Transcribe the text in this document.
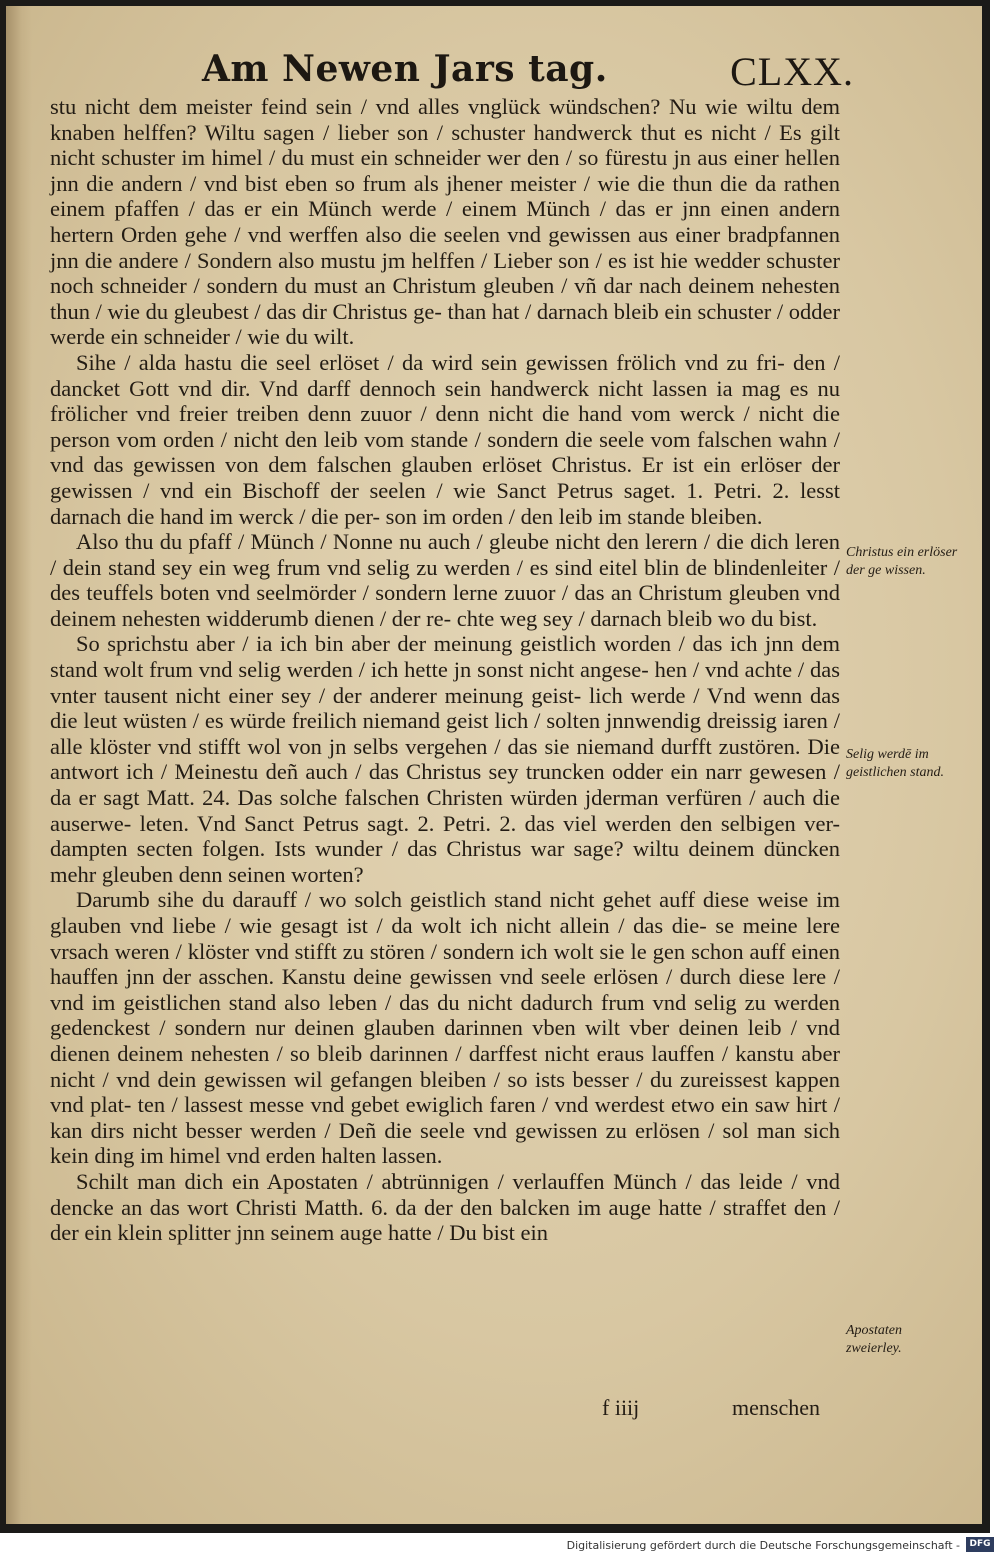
Am Newen Jars tag.	CLXX.

stu nicht dem meister feind sein / vnd alles vnglück wündschen? Nu wie wiltu dem knaben helffen? Wiltu sagen / lieber son / schuster handwerck thut es nicht / Es gilt nicht schuster im himel / du must ein schneider wer den / so fürestu jn aus einer hellen jnn die andern / vnd bist eben so frum als jhener meister / wie die thun die da rathen einem pfaffen / das er ein Münch werde / einem Münch / das er jnn einen andern hertern Orden gehe / vnd werffen also die seelen vnd gewissen aus einer bradpfannen jnn die andere / Sondern also mustu jm helffen / Lieber son / es ist hie wedder schuster noch schneider / sondern du must an Christum gleuben / vñ dar nach deinem nehesten thun / wie du gleubest / das dir Christus ge- than hat / darnach bleib ein schuster / odder werde ein schneider / wie du wilt.

Sihe / alda hastu die seel erlöset / da wird sein gewissen frölich vnd zu fri- den / dancket Gott vnd dir. Vnd darff dennoch sein handwerck nicht lassen ia mag es nu frölicher vnd freier treiben denn zuuor / denn nicht die hand vom werck / nicht die person vom orden / nicht den leib vom stande / sondern die seele vom falschen wahn / vnd das gewissen von dem falschen glauben erlöset Christus. Er ist ein erlöser der gewissen / vnd ein Bischoff der seelen / wie Sanct Petrus saget. 1. Petri. 2. lesst darnach die hand im werck / die per- son im orden / den leib im stande bleiben.

Also thu du pfaff / Münch / Nonne nu auch / gleube nicht den lerern / die dich leren / dein stand sey ein weg frum vnd selig zu werden / es sind eitel blin de blindenleiter / des teuffels boten vnd seelmörder / sondern lerne zuuor / das an Christum gleuben vnd deinem nehesten widderumb dienen / der re- chte weg sey / darnach bleib wo du bist.

So sprichstu aber / ia ich bin aber der meinung geistlich worden / das ich jnn dem stand wolt frum vnd selig werden / ich hette jn sonst nicht angese- hen / vnd achte / das vnter tausent nicht einer sey / der anderer meinung geist- lich werde / Vnd wenn das die leut wüsten / es würde freilich niemand geist lich / solten jnnwendig dreissig iaren / alle klöster vnd stifft wol von jn selbs vergehen / das sie niemand durfft zustören. Die antwort ich / Meinestu deñ auch / das Christus sey truncken odder ein narr gewesen / da er sagt Matt. 24. Das solche falschen Christen würden jderman verfüren / auch die auserwe- leten. Vnd Sanct Petrus sagt. 2. Petri. 2. das viel werden den selbigen ver- dampten secten folgen. Ists wunder / das Christus war sage? wiltu deinem düncken mehr gleuben denn seinen worten?

Darumb sihe du darauff / wo solch geistlich stand nicht gehet auff diese weise im glauben vnd liebe / wie gesagt ist / da wolt ich nicht allein / das die- se meine lere vrsach weren / klöster vnd stifft zu stören / sondern ich wolt sie le gen schon auff einen hauffen jnn der asschen. Kanstu deine gewissen vnd seele erlösen / durch diese lere / vnd im geistlichen stand also leben / das du nicht dadurch frum vnd selig zu werden gedenckest / sondern nur deinen glauben darinnen vben wilt vber deinen leib / vnd dienen deinem nehesten / so bleib darinnen / darffest nicht eraus lauffen / kanstu aber nicht / vnd dein gewissen wil gefangen bleiben / so ists besser / du zureissest kappen vnd plat- ten / lassest messe vnd gebet ewiglich faren / vnd werdest etwo ein saw hirt / kan dirs nicht besser werden / Deñ die seele vnd gewissen zu erlösen / sol man sich kein ding im himel vnd erden halten lassen.

Schilt man dich ein Apostaten / abtrünnigen / verlauffen Münch / das leide / vnd dencke an das wort Christi Matth. 6. da der den balcken im auge hatte / straffet den / der ein klein splitter jnn seinem auge hatte / Du bist ein

Christus ein erlöser der ge wissen.
Selig werdē im geistlichen stand.
Apostaten zweierley.
f iiij	menschen
Digitalisierung gefördert durch die Deutsche Forschungsgemeinschaft -	DFG
